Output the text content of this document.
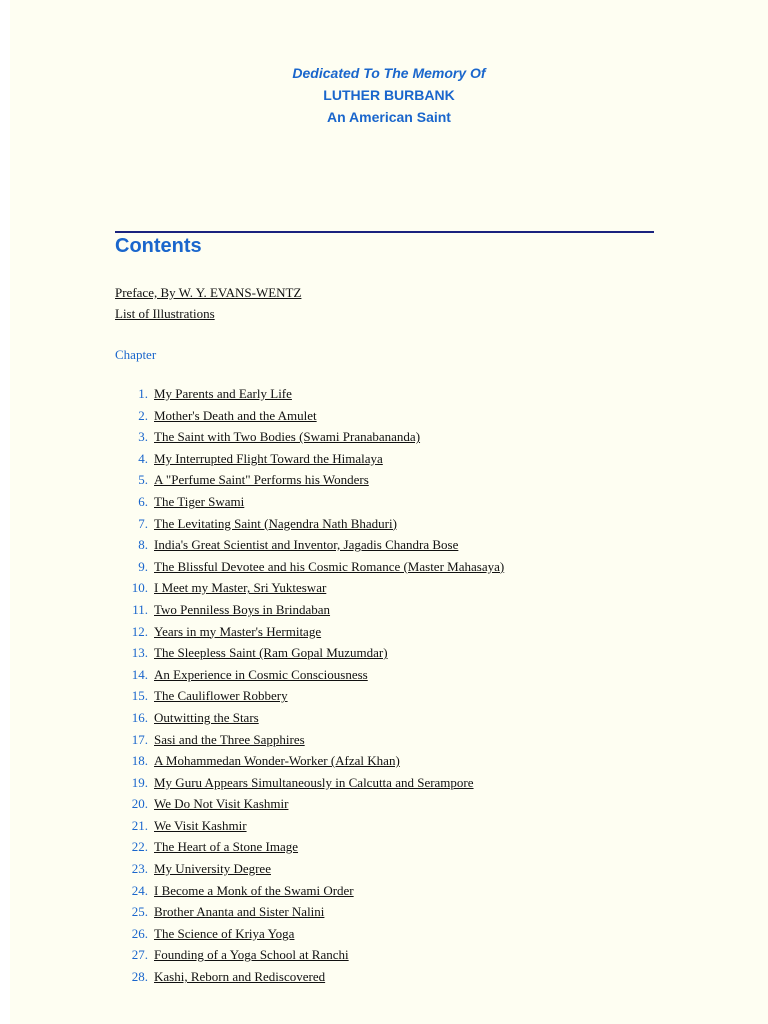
Dedicated To The Memory Of
LUTHER BURBANK
An American Saint
Contents
Preface, By W. Y. EVANS-WENTZ
List of Illustrations
Chapter
1. My Parents and Early Life
2. Mother's Death and the Amulet
3. The Saint with Two Bodies (Swami Pranabananda)
4. My Interrupted Flight Toward the Himalaya
5. A "Perfume Saint" Performs his Wonders
6. The Tiger Swami
7. The Levitating Saint (Nagendra Nath Bhaduri)
8. India's Great Scientist and Inventor, Jagadis Chandra Bose
9. The Blissful Devotee and his Cosmic Romance (Master Mahasaya)
10. I Meet my Master, Sri Yukteswar
11. Two Penniless Boys in Brindaban
12. Years in my Master's Hermitage
13. The Sleepless Saint (Ram Gopal Muzumdar)
14. An Experience in Cosmic Consciousness
15. The Cauliflower Robbery
16. Outwitting the Stars
17. Sasi and the Three Sapphires
18. A Mohammedan Wonder-Worker (Afzal Khan)
19. My Guru Appears Simultaneously in Calcutta and Serampore
20. We Do Not Visit Kashmir
21. We Visit Kashmir
22. The Heart of a Stone Image
23. My University Degree
24. I Become a Monk of the Swami Order
25. Brother Ananta and Sister Nalini
26. The Science of Kriya Yoga
27. Founding of a Yoga School at Ranchi
28. Kashi, Reborn and Rediscovered
